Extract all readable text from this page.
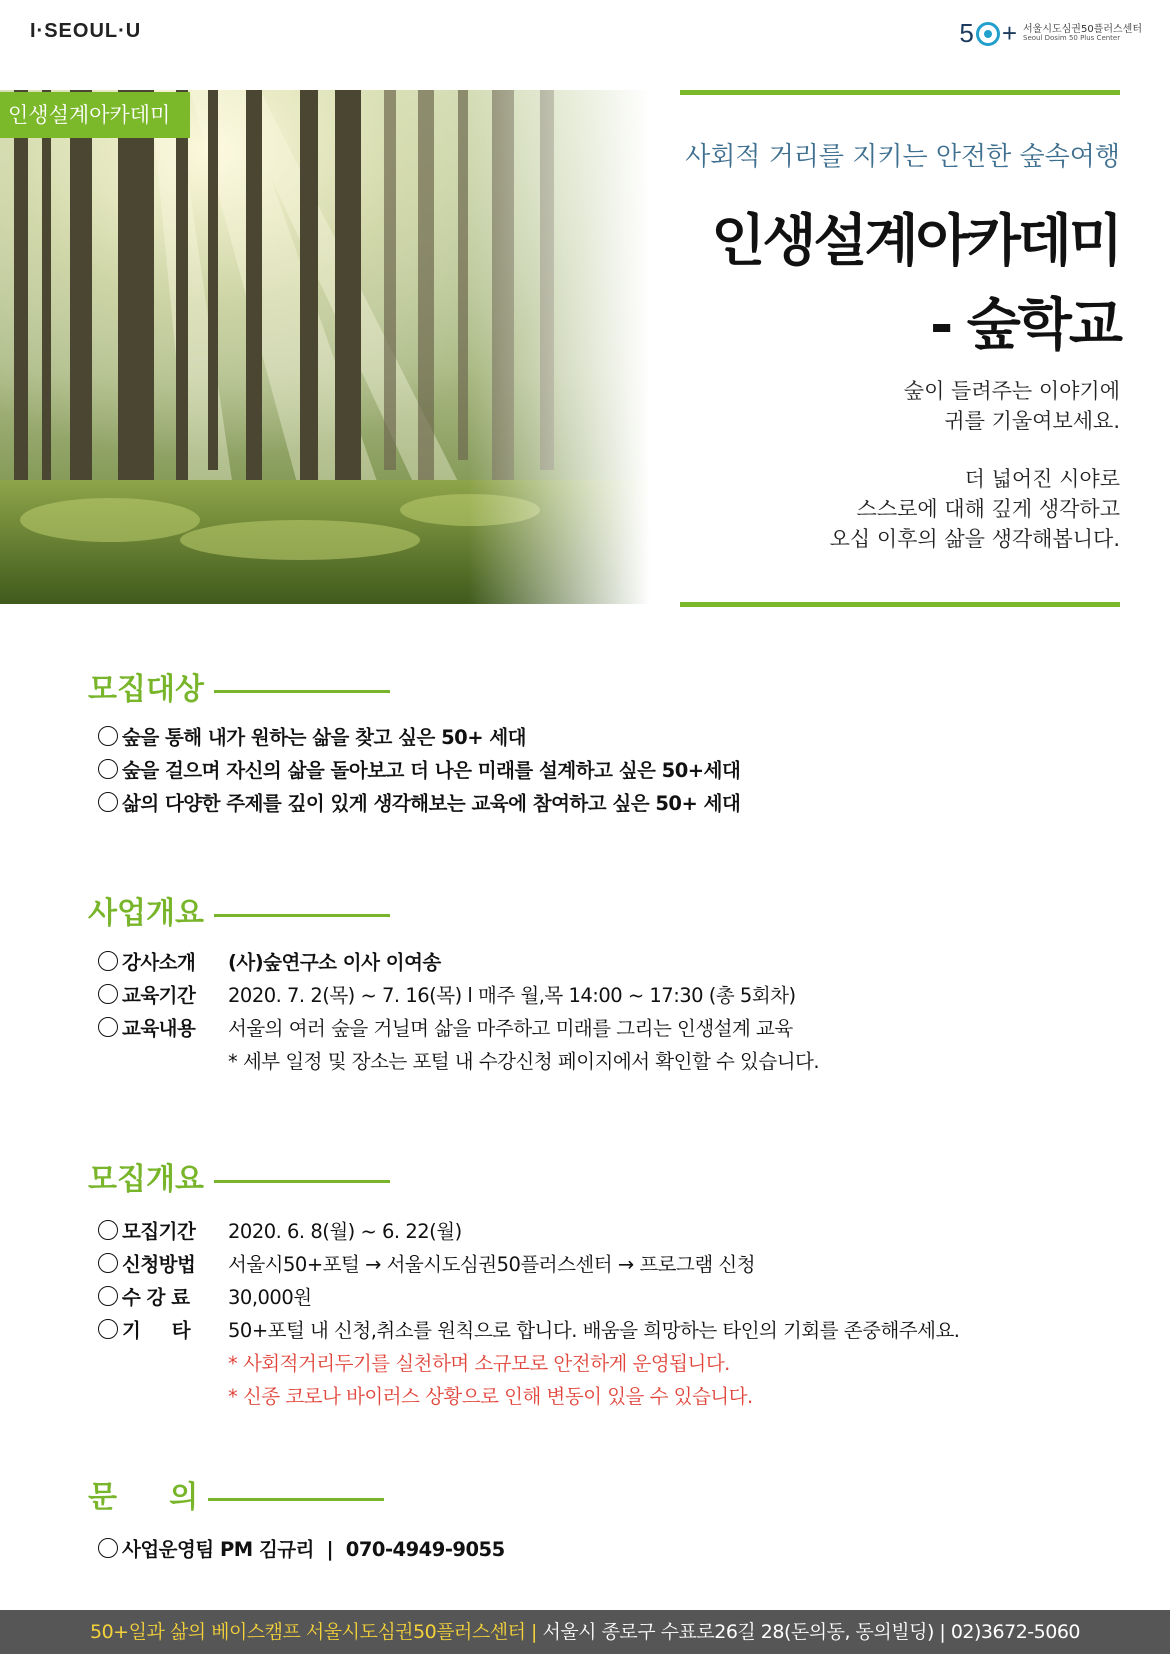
I·SEOUL·U	5 + 서울시도심권50플러스센터
Seoul Dosim 50 Plus Center
인생설계아카데미
사회적 거리를 지키는 안전한 숲속여행
인생설계아카데미
- 숲학교

숲이 들려주는 이야기에

귀를 기울여보세요.

더 넓어진 시야로

스스로에 대해 깊게 생각하고

오십 이후의 삶을 생각해봅니다.

모집대상
숲을 통해 내가 원하는 삶을 찾고 싶은 50+ 세대
숲을 걸으며 자신의 삶을 돌아보고 더 나은 미래를 설계하고 싶은 50+세대
삶의 다양한 주제를 깊이 있게 생각해보는 교육에 참여하고 싶은 50+ 세대
사업개요
강사소개	(사)숲연구소 이사 이여송
교육기간	2020. 7. 2(목) ~ 7. 16(목) l 매주 월,목 14:00 ~ 17:30 (총 5회차)
교육내용	서울의 여러 숲을 거닐며 삶을 마주하고 미래를 그리는 인생설계 교육
* 세부 일정 및 장소는 포털 내 수강신청 페이지에서 확인할 수 있습니다.
모집개요
모집기간	2020. 6. 8(월) ~ 6. 22(월)
신청방법	서울시50+포털 → 서울시도심권50플러스센터 → 프로그램 신청
수 강 료	30,000원
기     타	50+포털 내 신청,취소를 원칙으로 합니다. 배움을 희망하는 타인의 기회를 존중해주세요.
* 사회적거리두기를 실천하며 소규모로 안전하게 운영됩니다.
* 신종 코로나 바이러스 상황으로 인해 변동이 있을 수 있습니다.
문     의
사업운영팀 PM 김규리  |  070-4949-9055
50+일과 삶의 베이스캠프 서울시도심권50플러스센터 | 서울시 종로구 수표로26길 28(돈의동, 동의빌딩) | 02)3672-5060
